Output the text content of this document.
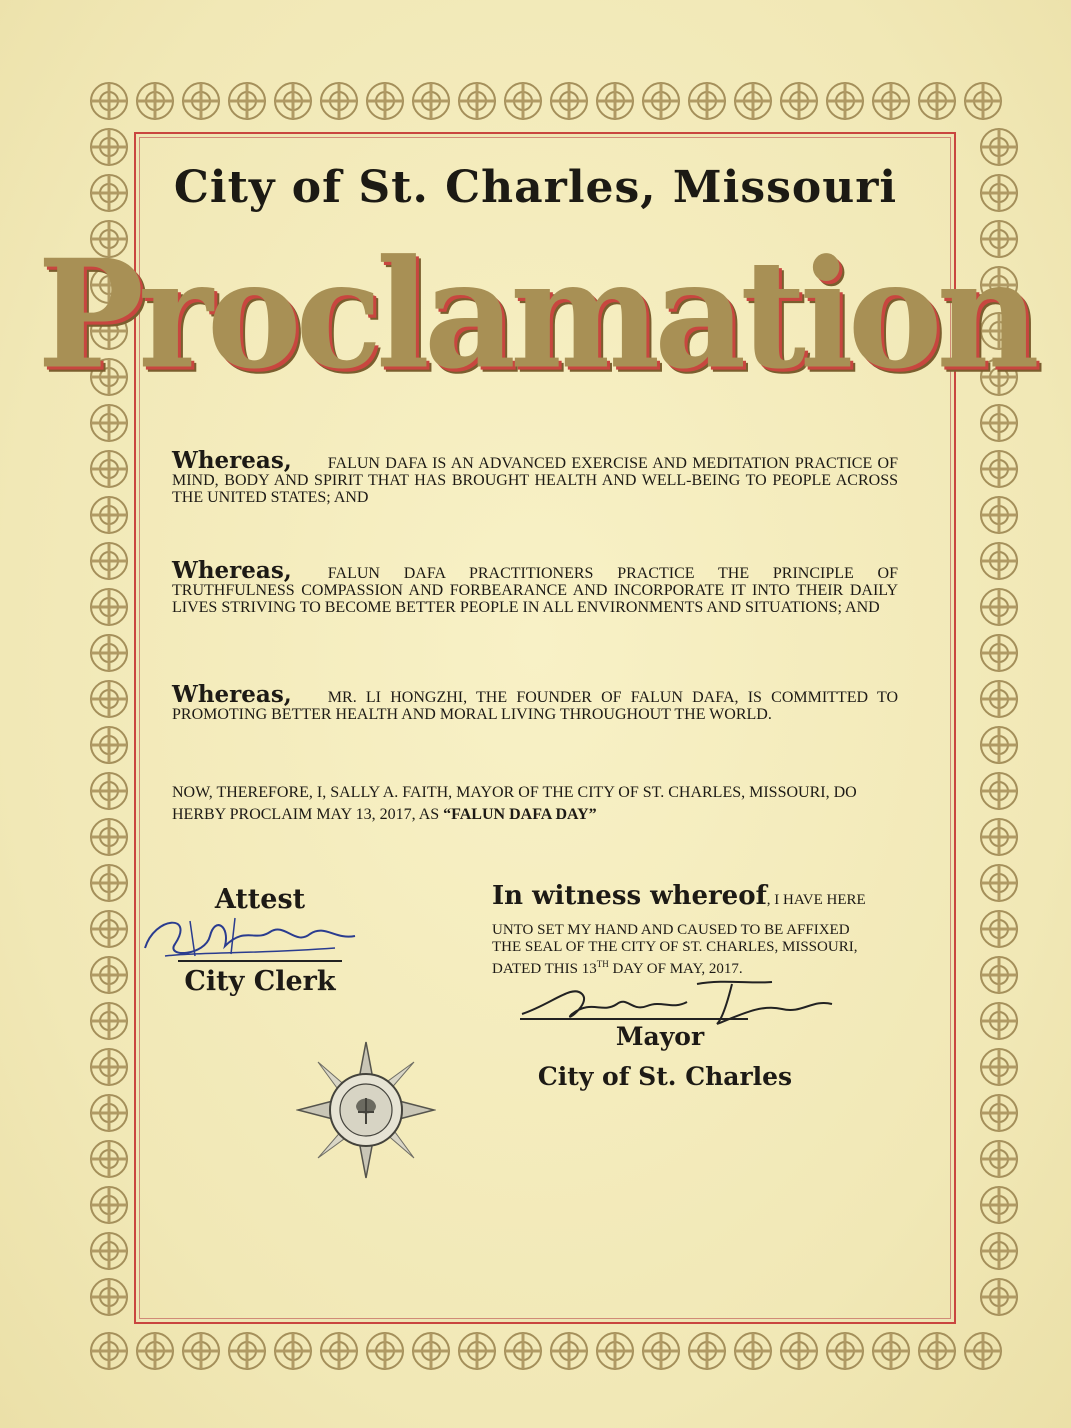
City of St. Charles, Missouri
Proclamation
Whereas, FALUN DAFA IS AN ADVANCED EXERCISE AND MEDITATION PRACTICE OF MIND, BODY AND SPIRIT THAT HAS BROUGHT HEALTH AND WELL-BEING TO PEOPLE ACROSS THE UNITED STATES; AND
Whereas, FALUN DAFA PRACTITIONERS PRACTICE THE PRINCIPLE OF TRUTHFULNESS COMPASSION AND FORBEARANCE AND INCORPORATE IT INTO THEIR DAILY LIVES STRIVING TO BECOME BETTER PEOPLE IN ALL ENVIRONMENTS AND SITUATIONS; AND
Whereas, MR. LI HONGZHI, THE FOUNDER OF FALUN DAFA, IS COMMITTED TO PROMOTING BETTER HEALTH AND MORAL LIVING THROUGHOUT THE WORLD.
NOW, THEREFORE, I, SALLY A. FAITH, MAYOR OF THE CITY OF ST. CHARLES, MISSOURI, DO HERBY PROCLAIM MAY 13, 2017, AS “FALUN DAFA DAY”
Attest
City Clerk
In witness whereof, I HAVE HERE
UNTO SET MY HAND AND CAUSED TO BE AFFIXED
THE SEAL OF THE CITY OF ST. CHARLES, MISSOURI,
DATED THIS 13TH DAY OF MAY, 2017.
Mayor
City of St. Charles
